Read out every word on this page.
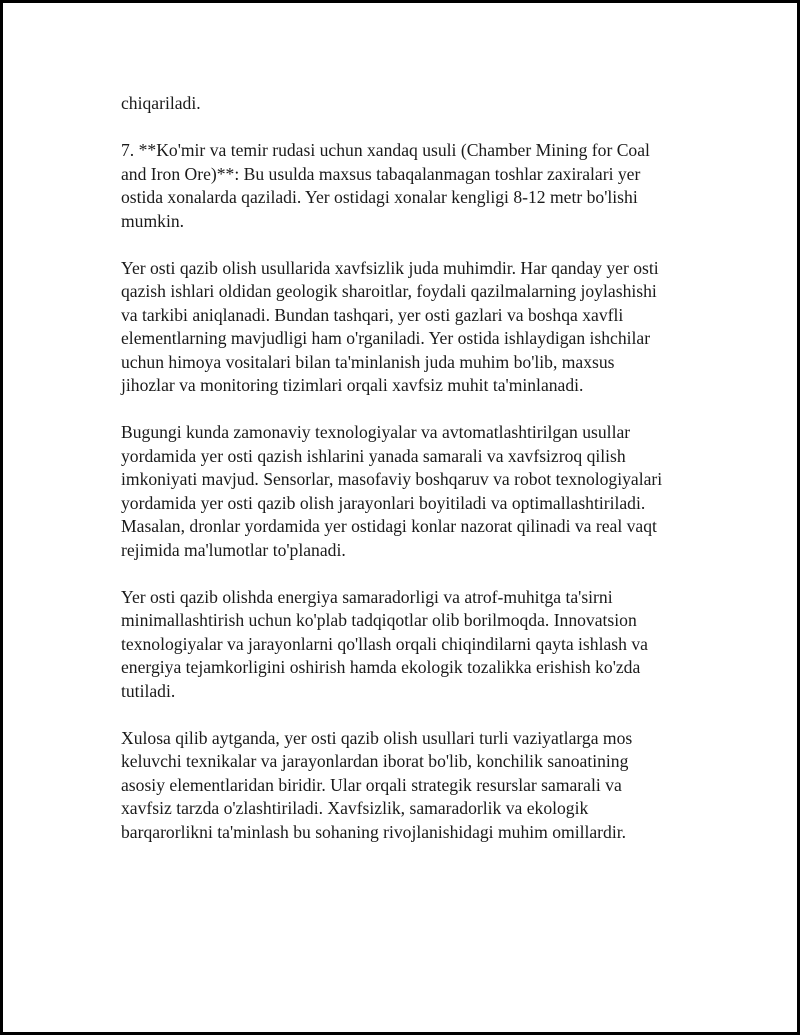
chiqariladi.

7. **Ko'mir va temir rudasi uchun xandaq usuli (Chamber Mining for Coal
and Iron Ore)**: Bu usulda maxsus tabaqalanmagan toshlar zaxiralari yer
ostida xonalarda qaziladi. Yer ostidagi xonalar kengligi 8-12 metr bo'lishi
mumkin.

Yer osti qazib olish usullarida xavfsizlik juda muhimdir. Har qanday yer osti
qazish ishlari oldidan geologik sharoitlar, foydali qazilmalarning joylashishi
va tarkibi aniqlanadi. Bundan tashqari, yer osti gazlari va boshqa xavfli
elementlarning mavjudligi ham o'rganiladi. Yer ostida ishlaydigan ishchilar
uchun himoya vositalari bilan ta'minlanish juda muhim bo'lib, maxsus
jihozlar va monitoring tizimlari orqali xavfsiz muhit ta'minlanadi.

Bugungi kunda zamonaviy texnologiyalar va avtomatlashtirilgan usullar
yordamida yer osti qazish ishlarini yanada samarali va xavfsizroq qilish
imkoniyati mavjud. Sensorlar, masofaviy boshqaruv va robot texnologiyalari
yordamida yer osti qazib olish jarayonlari boyitiladi va optimallashtiriladi.
Masalan, dronlar yordamida yer ostidagi konlar nazorat qilinadi va real vaqt
rejimida ma'lumotlar to'planadi.

Yer osti qazib olishda energiya samaradorligi va atrof-muhitga ta'sirni
minimallashtirish uchun ko'plab tadqiqotlar olib borilmoqda. Innovatsion
texnologiyalar va jarayonlarni qo'llash orqali chiqindilarni qayta ishlash va
energiya tejamkorligini oshirish hamda ekologik tozalikka erishish ko'zda
tutiladi.

Xulosa qilib aytganda, yer osti qazib olish usullari turli vaziyatlarga mos
keluvchi texnikalar va jarayonlardan iborat bo'lib, konchilik sanoatining
asosiy elementlaridan biridir. Ular orqali strategik resurslar samarali va
xavfsiz tarzda o'zlashtiriladi. Xavfsizlik, samaradorlik va ekologik
barqarorlikni ta'minlash bu sohaning rivojlanishidagi muhim omillardir.
